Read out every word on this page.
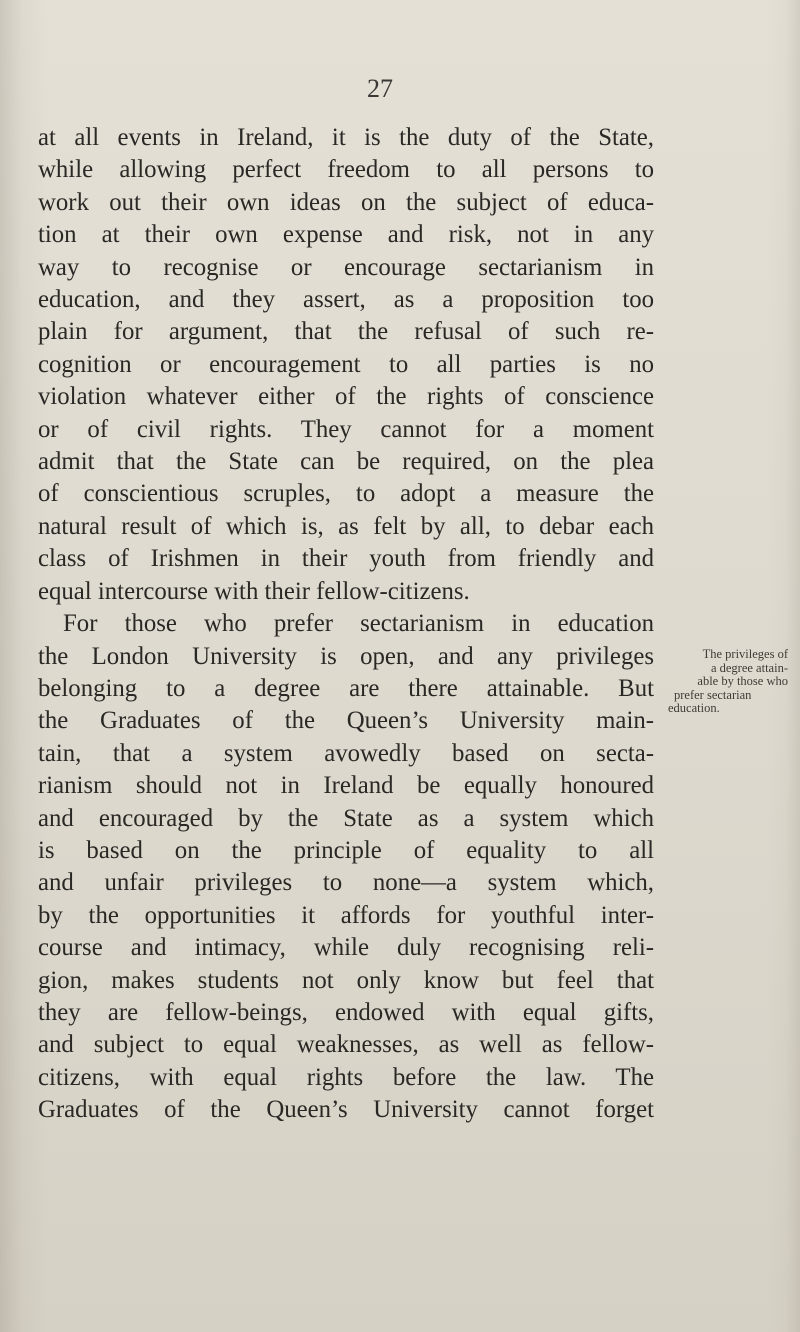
27
at all events in Ireland, it is the duty of the State,
while allowing perfect freedom to all persons to
work out their own ideas on the subject of educa-
tion at their own expense and risk, not in any
way to recognise or encourage sectarianism in
education, and they assert, as a proposition too
plain for argument, that the refusal of such re-
cognition or encouragement to all parties is no
violation whatever either of the rights of conscience
or of civil rights. They cannot for a moment
admit that the State can be required, on the plea
of conscientious scruples, to adopt a measure the
natural result of which is, as felt by all, to debar each
class of Irishmen in their youth from friendly and
equal intercourse with their fellow-citizens.
For those who prefer sectarianism in education
the London University is open, and any privileges
belonging to a degree are there attainable. But
the Graduates of the Queen’s University main-
tain, that a system avowedly based on secta-
rianism should not in Ireland be equally honoured
and encouraged by the State as a system which
is based on the principle of equality to all
and unfair privileges to none—a system which,
by the opportunities it affords for youthful inter-
course and intimacy, while duly recognising reli-
gion, makes students not only know but feel that
they are fellow-beings, endowed with equal gifts,
and subject to equal weaknesses, as well as fellow-
citizens, with equal rights before the law. The
Graduates of the Queen’s University cannot forget
The privileges of
a degree attain-
able by those who
prefer sectarian
education.
